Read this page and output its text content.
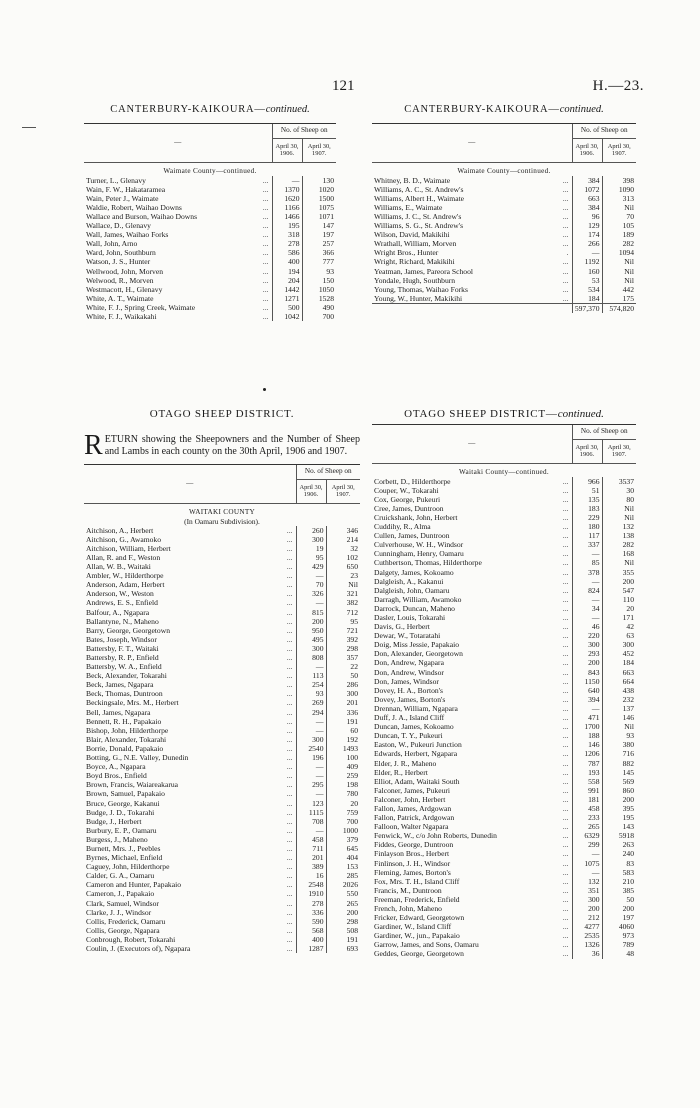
121	H.—23.
CANTERBURY-KAIKOURA—continued.
—		No. of Sheep on	
		April 30, 1906.	April 30, 1907.
Waimate County—continued.			
Turner, L., Glenavy	...	—	130
Wain, F. W., Hakataramea	...	1370	1020
Wain, Peter J., Waimate	...	1620	1500
Waldie, Robert, Waihao Downs	...	1166	1075
Wallace and Burson, Waihao Downs	...	1466	1071
Wallace, D., Glenavy	...	195	147
Wall, James, Waihao Forks	...	318	197
Wall, John, Arno	...	278	257
Ward, John, Southburn	...	586	366
Watson, J. S., Hunter	...	400	777
Wellwood, John, Morven	...	194	93
Welwood, R., Morven	...	204	150
Westmacott, H., Glenavy	...	1442	1050
White, A. T., Waimate	...	1271	1528
White, F. J., Spring Creek, Waimate	...	500	490
White, F. J., Waikakahi	...	1042	700
CANTERBURY-KAIKOURA—continued.
—		No. of Sheep on	
		April 30, 1906.	April 30, 1907.
Waimate County—continued.			
Whitney, B. D., Waimate	...	384	398
Williams, A. C., St. Andrew's	...	1072	1090
Williams, Albert H., Waimate	...	663	313
Williams, E., Waimate	...	384	Nil
Williams, J. C., St. Andrew's	...	96	70
Williams, S. G., St. Andrew's	...	129	105
Wilson, David, Makikihi	...	174	189
Wrathall, William, Morven	...	266	282
Wright Bros., Hunter	.	—	1094
Wright, Richard, Makikihi	...	1192	Nil
Yeatman, James, Pareora School	...	160	Nil
Yondale, Hugh, Southburn	...	53	Nil
Young, Thomas, Waihao Forks	...	534	442
Young, W., Hunter, Makikihi	...	184	175
		597,370	574,820
OTAGO SHEEP DISTRICT.
RETURN showing the Sheepowners and the Number of Sheep and Lambs in each county on the 30th April, 1906 and 1907.
—		No. of Sheep on	
		April 30, 1906.	April 30, 1907.
WAITAKI COUNTY			
(In Oamaru Subdivision).			
Aitchison, A., Herbert	...	260	346
Aitchison, G., Awamoko	...	300	214
Aitchison, William, Herbert	...	19	32
Allan, R. and F., Weston	...	95	102
Allan, W. B., Waitaki	...	429	650
Ambler, W., Hilderthorpe	...	—	23
Anderson, Adam, Herbert	...	70	Nil
Anderson, W., Weston	...	326	321
Andrews, E. S., Enfield	...	—	382
Balfour, A., Ngapara	...	815	712
Ballantyne, N., Maheno	...	200	95
Barry, George, Georgetown	...	950	721
Bates, Joseph, Windsor	...	495	392
Battersby, F. T., Waitaki	...	300	298
Battersby, R. P., Enfield	...	808	357
Battersby, W. A., Enfield	...	—	22
Beck, Alexander, Tokarahi	...	113	50
Beck, James, Ngapara	...	254	286
Beck, Thomas, Duntroon	...	93	300
Beckingsale, Mrs. M., Herbert	...	269	201
Bell, James, Ngapara	...	294	336
Bennett, R. H., Papakaio	...	—	191
Bishop, John, Hilderthorpe	...	—	60
Blair, Alexander, Tokarahi	...	300	192
Borrie, Donald, Papakaio	...	2540	1493
Botting, G., N.E. Valley, Dunedin	...	196	100
Boyce, A., Ngapara	...	—	409
Boyd Bros., Enfield	...	—	259
Brown, Francis, Waiareakarua	...	295	198
Brown, Samuel, Papakaio	...	—	780
Bruce, George, Kakanui	...	123	20
Budge, J. D., Tokarahi	...	1115	759
Budge, J., Herbert	...	708	700
Burbury, E. P., Oamaru	...	—	1000
Burgess, J., Maheno	...	458	379
Burnett, Mrs. J., Peebles	...	711	645
Byrnes, Michael, Enfield	...	201	404
Caguey, John, Hilderthorpe	...	389	153
Calder, G. A., Oamaru	...	16	285
Cameron and Hunter, Papakaio	...	2548	2026
Cameron, J., Papakaio	...	1910	550
Clark, Samuel, Windsor	...	278	265
Clarke, J. J., Windsor	...	336	200
Collis, Frederick, Oamaru	...	590	298
Collis, George, Ngapara	...	568	508
Conbrough, Robert, Tokarahi	...	400	191
Coulin, J. (Executors of), Ngapara	...	1287	693
OTAGO SHEEP DISTRICT—continued.
—		No. of Sheep on	
		April 30, 1906.	April 30, 1907.
Waitaki County—continued.			
Corbett, D., Hilderthorpe	...	966	3537
Couper, W., Tokarahi	...	51	30
Cox, George, Pukeuri	...	135	80
Cree, James, Duntroon	...	183	Nil
Cruickshank, John, Herbert	...	229	Nil
Cuddihy, R., Alma	...	180	132
Cullen, James, Duntroon	...	117	138
Culverhouse, W. H., Windsor	...	337	282
Cunningham, Henry, Oamaru	...	—	168
Cuthbertson, Thomas, Hilderthorpe	...	85	Nil
Dalgety, James, Kokoamo	...	378	355
Dalgleish, A., Kakanui	...	—	200
Dalgleish, John, Oamaru	...	824	547
Darragh, William, Awamoko	...	—	110
Darrock, Duncan, Maheno	...	34	20
Dasler, Louis, Tokarahi	...	—	171
Davis, G., Herbert	...	46	42
Dewar, W., Totaratahi	...	220	63
Doig, Miss Jessie, Papakaio	...	300	300
Don, Alexander, Georgetown	...	293	452
Don, Andrew, Ngapara	...	200	184
Don, Andrew, Windsor	...	843	663
Don, James, Windsor	...	1150	664
Dovey, H. A., Borton's	...	640	438
Dovey, James, Borton's	...	394	232
Drennan, William, Ngapara	...	—	137
Duff, J. A., Island Cliff	...	471	146
Duncan, James, Kokoamo	...	1700	Nil
Duncan, T. Y., Pukeuri	...	188	93
Easton, W., Pukeuri Junction	...	146	380
Edwards, Herbert, Ngapara	...	1206	716
Elder, J. R., Maheno	...	787	882
Elder, R., Herbert	...	193	145
Elliot, Adam, Waitaki South	...	558	569
Falconer, James, Pukeuri	...	991	860
Falconer, John, Herbert	...	181	200
Fallon, James, Ardgowan	...	458	395
Fallon, Patrick, Ardgowan	...	233	195
Falloon, Walter Ngapara	...	265	143
Fenwick, W., c/o John Roberts, Dunedin	...	6329	5918
Fiddes, George, Duntroon	...	299	263
Finlayson Bros., Herbert	...	—	240
Finlinson, J. H., Windsor	...	1075	83
Fleming, James, Borton's	...	—	583
Fox, Mrs. T. H., Island Cliff	...	132	210
Francis, M., Duntroon	...	351	385
Freeman, Frederick, Enfield	...	300	50
French, John, Maheno	...	200	200
Fricker, Edward, Georgetown	...	212	197
Gardiner, W., Island Cliff	...	4277	4060
Gardiner, W., jun., Papakaio	...	2535	973
Garrow, James, and Sons, Oamaru	...	1326	789
Geddes, George, Georgetown	...	36	48
